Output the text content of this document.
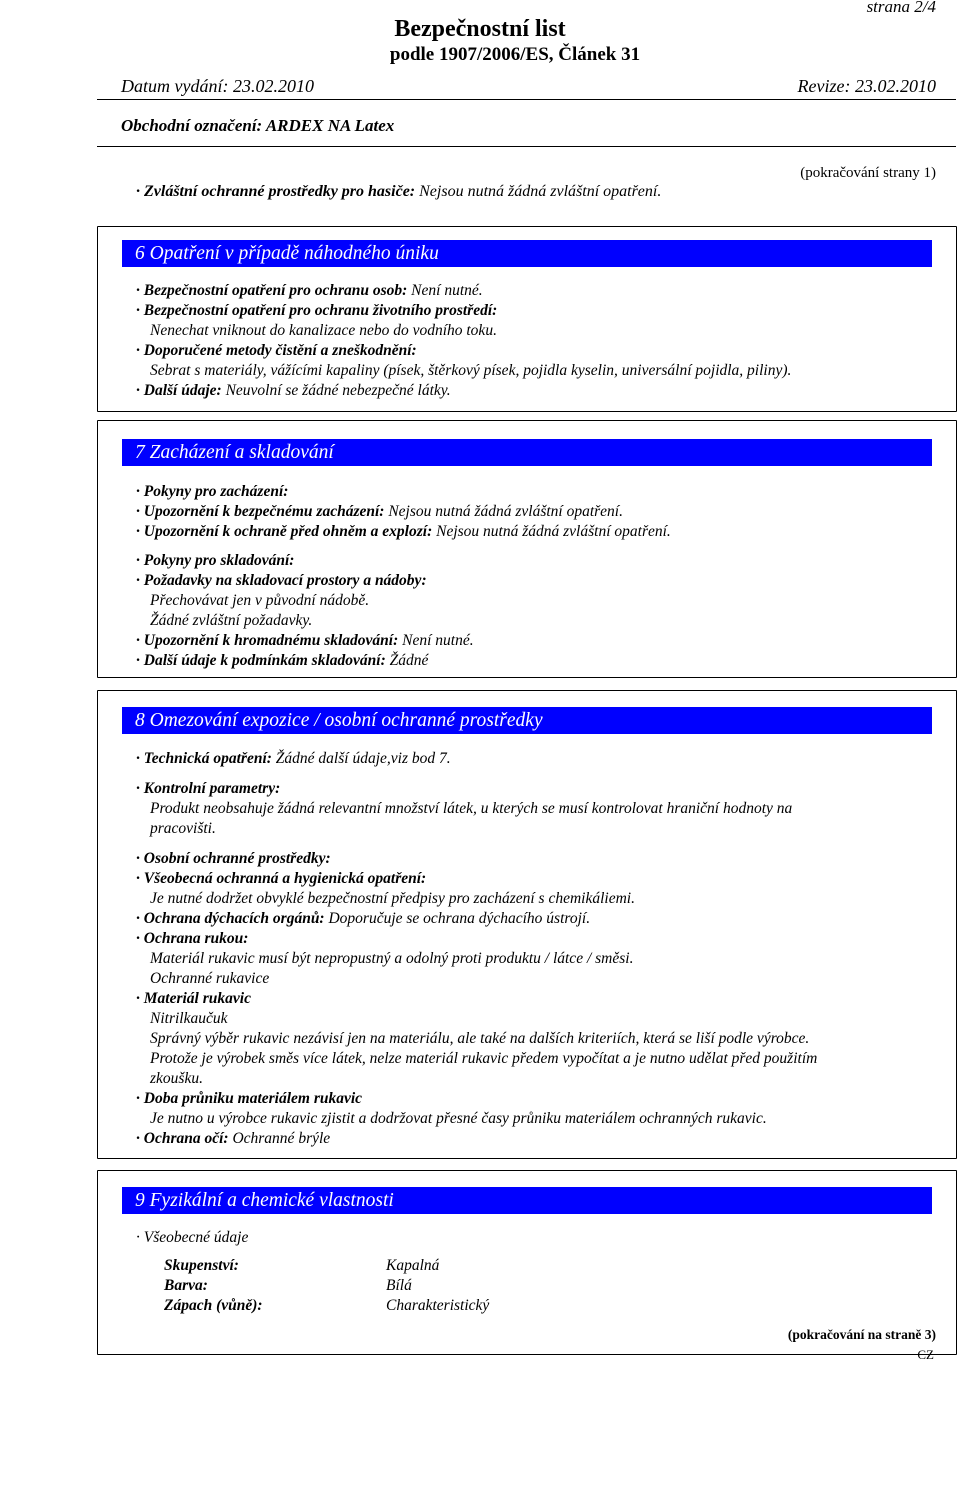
strana 2/4
Bezpečnostní list
podle 1907/2006/ES, Článek 31
Datum vydání: 23.02.2010	Revize: 23.02.2010
Obchodní označení: ARDEX NA Latex
(pokračování strany 1)
· Zvláštní ochranné prostředky pro hasiče: Nejsou nutná žádná zvláštní opatření.
6 Opatření v případě náhodného úniku
· Bezpečnostní opatření pro ochranu osob: Není nutné.
· Bezpečnostní opatření pro ochranu životního prostředí:
Nenechat vniknout do kanalizace nebo do vodního toku.
· Doporučené metody čistění a zneškodnění:
Sebrat s materiály, vážícími kapaliny (písek, štěrkový písek, pojidla kyselin, universální pojidla, piliny).
· Další údaje: Neuvolní se žádné nebezpečné látky.
7 Zacházení a skladování
· Pokyny pro zacházení:
· Upozornění k bezpečnému zacházení: Nejsou nutná žádná zvláštní opatření.
· Upozornění k ochraně před ohněm a explozí: Nejsou nutná žádná zvláštní opatření.
· Pokyny pro skladování:
· Požadavky na skladovací prostory a nádoby:
Přechovávat jen v původní nádobě.
Žádné zvláštní požadavky.
· Upozornění k hromadnému skladování: Není nutné.
· Další údaje k podmínkám skladování: Žádné
8 Omezování expozice / osobní ochranné prostředky
· Technická opatření: Žádné další údaje,viz bod 7.
· Kontrolní parametry:
Produkt neobsahuje žádná relevantní množství látek, u kterých se musí kontrolovat hraniční hodnoty na
pracovišti.
· Osobní ochranné prostředky:
· Všeobecná ochranná a hygienická opatření:
Je nutné dodržet obvyklé bezpečnostní předpisy pro zacházení s chemikáliemi.
· Ochrana dýchacích orgánů: Doporučuje se ochrana dýchacího ústrojí.
· Ochrana rukou:
Materiál rukavic musí být nepropustný a odolný proti produktu / látce / směsi.
Ochranné rukavice
· Materiál rukavic
Nitrilkaučuk
Správný výběr rukavic nezávisí jen na materiálu, ale také na dalších kriteriích, která se liší podle výrobce.
Protože je výrobek směs více látek, nelze materiál rukavic předem vypočítat a je nutno udělat před použitím
zkoušku.
· Doba průniku materiálem rukavic
Je nutno u výrobce rukavic zjistit a dodržovat přesné časy průniku materiálem ochranných rukavic.
· Ochrana očí: Ochranné brýle
9 Fyzikální a chemické vlastnosti
· Všeobecné údaje
Skupenství:	Kapalná
Barva:	Bílá
Zápach (vůně):	Charakteristický
(pokračování na straně 3)
CZ
